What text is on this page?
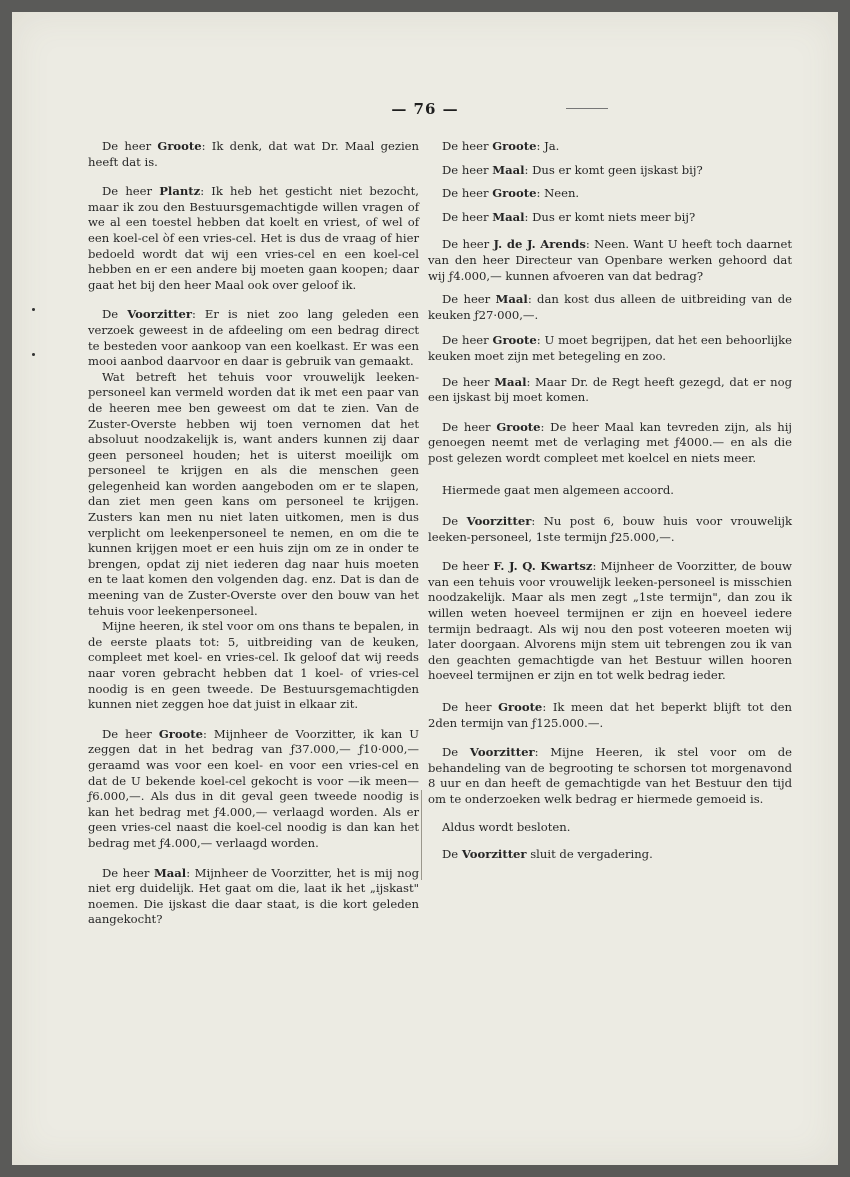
— 76 —

De heer Groote: Ik denk, dat wat Dr. Maal gezien heeft dat is.

De heer Plantz: Ik heb het gesticht niet bezocht, maar ik zou den Bestuursgemachtigde willen vragen of we al een toestel hebben dat koelt en vriest, of wel of een koel-cel òf een vries-cel. Het is dus de vraag of hier bedoeld wordt dat wij een vries-cel en een koel-cel hebben en er een andere bij moeten gaan koopen; daar gaat het bij den heer Maal ook over geloof ik.

De Voorzitter: Er is niet zoo lang geleden een verzoek geweest in de afdeeling om een bedrag direct te besteden voor aankoop van een koelkast. Er was een mooi aanbod daarvoor en daar is gebruik van gemaakt.

Wat betreft het tehuis voor vrouwelijk leeken-personeel kan vermeld worden dat ik met een paar van de heeren mee ben geweest om dat te zien. Van de Zuster-Overste hebben wij toen vernomen dat het absoluut noodzakelijk is, want anders kunnen zij daar geen personeel houden; het is uiterst moeilijk om personeel te krijgen en als die menschen geen gelegenheid kan worden aangeboden om er te slapen, dan ziet men geen kans om personeel te krijgen. Zusters kan men nu niet laten uitkomen, men is dus verplicht om leekenpersoneel te nemen, en om die te kunnen krijgen moet er een huis zijn om ze in onder te brengen, opdat zij niet iederen dag naar huis moeten en te laat komen den volgenden dag. enz. Dat is dan de meening van de Zuster-Overste over den bouw van het tehuis voor leekenpersoneel.

Mijne heeren, ik stel voor om ons thans te bepalen, in de eerste plaats tot: 5, uitbreiding van de keuken, compleet met koel- en vries-cel. Ik geloof dat wij reeds naar voren gebracht hebben dat 1 koel- of vries-cel noodig is en geen tweede. De Bestuursgemachtigden kunnen niet zeggen hoe dat juist in elkaar zit.

De heer Groote: Mijnheer de Voorzitter, ik kan U zeggen dat in het bedrag van ƒ37.000,— ƒ10·000,— geraamd was voor een koel- en voor een vries-cel en dat de U bekende koel-cel gekocht is voor —ik meen— ƒ6.000,—. Als dus in dit geval geen tweede noodig is kan het bedrag met ƒ4.000,— verlaagd worden. Als er geen vries-cel naast die koel-cel noodig is dan kan het bedrag met ƒ4.000,— verlaagd worden.

De heer Maal: Mijnheer de Voorzitter, het is mij nog niet erg duidelijk. Het gaat om die, laat ik het „ijskast" noemen. Die ijskast die daar staat, is die kort geleden aangekocht?

De heer Groote: Ja.

De heer Maal: Dus er komt geen ijskast bij?

De heer Groote: Neen.

De heer Maal: Dus er komt niets meer bij?

De heer J. de J. Arends: Neen. Want U heeft toch daarnet van den heer Directeur van Openbare werken gehoord dat wij ƒ4.000,— kunnen afvoeren van dat bedrag?

De heer Maal: dan kost dus alleen de uitbreiding van de keuken ƒ27·000,—.

De heer Groote: U moet begrijpen, dat het een behoorlijke keuken moet zijn met betegeling en zoo.

De heer Maal: Maar Dr. de Regt heeft gezegd, dat er nog een ijskast bij moet komen.

De heer Groote: De heer Maal kan tevreden zijn, als hij genoegen neemt met de verlaging met ƒ4000.— en als die post gelezen wordt compleet met koelcel en niets meer.

Hiermede gaat men algemeen accoord.

De Voorzitter: Nu post 6, bouw huis voor vrouwelijk leeken-personeel, 1ste termijn ƒ25.000,—.

De heer F. J. Q. Kwartsz: Mijnheer de Voorzitter, de bouw van een tehuis voor vrouwelijk leeken-personeel is misschien noodzakelijk. Maar als men zegt „1ste termijn", dan zou ik willen weten hoeveel termijnen er zijn en hoeveel iedere termijn bedraagt. Als wij nou den post voteeren moeten wij later doorgaan. Alvorens mijn stem uit tebrengen zou ik van den geachten gemachtigde van het Bestuur willen hooren hoeveel termijnen er zijn en tot welk bedrag ieder.

De heer Groote: Ik meen dat het beperkt blijft tot den 2den termijn van ƒ125.000.—.

De Voorzitter: Mijne Heeren, ik stel voor om de behandeling van de begrooting te schorsen tot morgenavond 8 uur en dan heeft de gemachtigde van het Bestuur den tijd om te onderzoeken welk bedrag er hiermede gemoeid is.

Aldus wordt besloten.

De Voorzitter sluit de vergadering.
